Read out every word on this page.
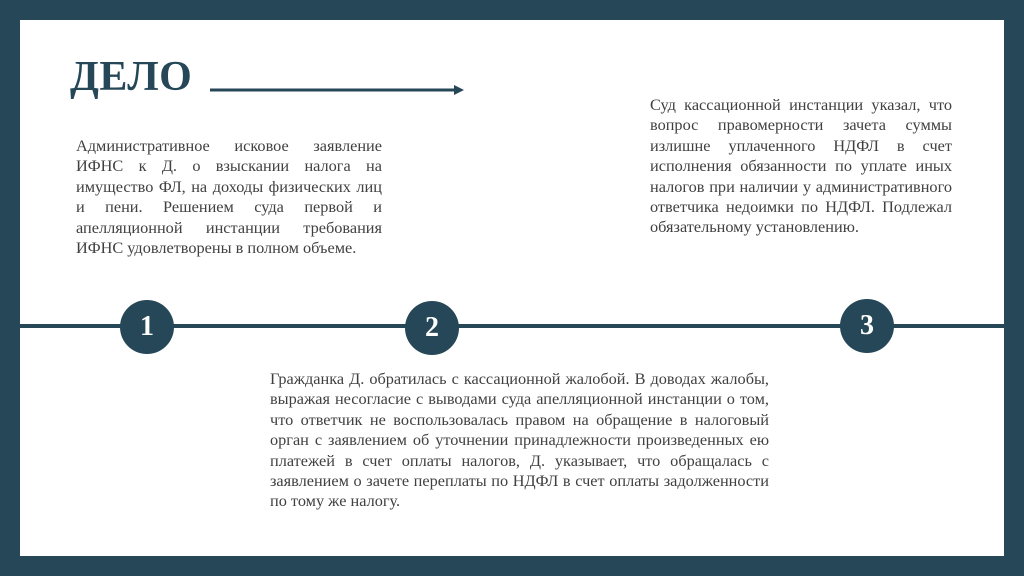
ДЕЛО

Административное исковое заявление ИФНС к Д. о взыскании налога на имущество ФЛ, на доходы физических лиц и пени. Решением суда первой и апелляционной инстанции требования ИФНС удовлетворены в полном объеме.

Суд кассационной инстанции указал, что вопрос правомерности зачета суммы излишне уплаченного НДФЛ в счет исполнения обязанности по уплате иных налогов при наличии у административного ответчика недоимки по НДФЛ. Подлежал обязательному установлению.

1	2	3

Гражданка Д. обратилась с кассационной жалобой. В доводах жалобы, выражая несогласие с выводами суда апелляционной инстанции о том, что ответчик не воспользовалась правом на обращение в налоговый орган с заявлением об уточнении принадлежности произведенных ею платежей в счет оплаты налогов, Д. указывает, что обращалась с заявлением о зачете переплаты по НДФЛ в счет оплаты задолженности по тому же налогу.
